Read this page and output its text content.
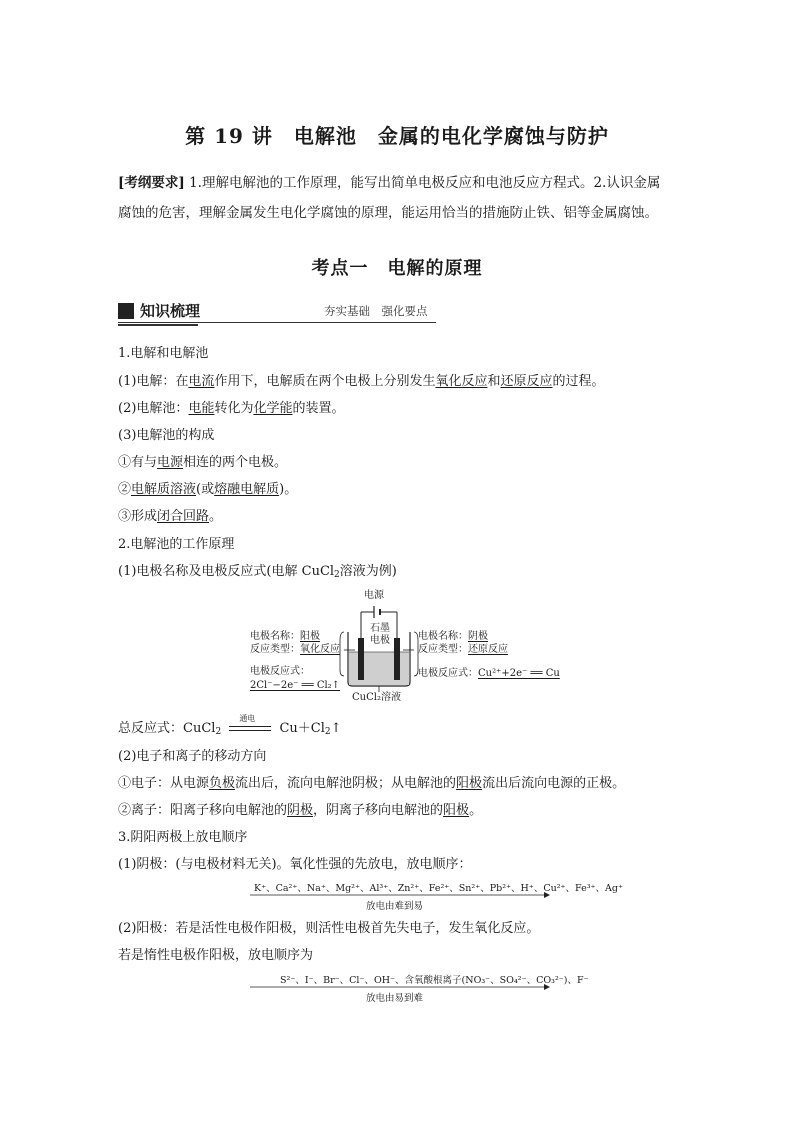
第 19 讲　电解池　金属的电化学腐蚀与防护
[考纲要求] 1.理解电解池的工作原理，能写出简单电极反应和电池反应方程式。2.认识金属
腐蚀的危害，理解金属发生电化学腐蚀的原理，能运用恰当的措施防止铁、铝等金属腐蚀。
考点一　电解的原理
知识梳理	夯实基础　强化要点
1.电解和电解池
(1)电解：在电流作用下，电解质在两个电极上分别发生氧化反应和还原反应的过程。
(2)电解池：电能转化为化学能的装置。
(3)电解池的构成
①有与电源相连的两个电极。
②电解质溶液(或熔融电解质)。
③形成闭合回路。
2.电解池的工作原理
(1)电极名称及电极反应式(电解 CuCl$_2$溶液为例)
电源
石墨
电极
电极名称：阳极
反应类型：氧化反应
电极反应式：
2Cl⁻−2e⁻ ══ Cl₂↑
电极名称：阴极
反应类型：还原反应
电极反应式：Cu²⁺+2e⁻ ══ Cu
CuCl₂溶液
总反应式：CuCl$_2$
通电
$Cu+Cl_2↑$
(2)电子和离子的移动方向
①电子：从电源负极流出后，流向电解池阴极；从电解池的阳极流出后流向电源的正极。
②离子：阳离子移向电解池的阴极，阴离子移向电解池的阳极。
3.阴阳两极上放电顺序
(1)阴极：(与电极材料无关)。氧化性强的先放电，放电顺序：
K⁺、Ca²⁺、Na⁺、Mg²⁺、Al³⁺、Zn²⁺、Fe²⁺、Sn²⁺、Pb²⁺、H⁺、Cu²⁺、Fe³⁺、Ag⁺
放电由难到易
(2)阳极：若是活性电极作阳极，则活性电极首先失电子，发生氧化反应。
若是惰性电极作阳极，放电顺序为
S²⁻、I⁻、Br⁻、Cl⁻、OH⁻、含氧酸根离子(NO₃⁻、SO₄²⁻、CO₃²⁻)、F⁻
放电由易到难
